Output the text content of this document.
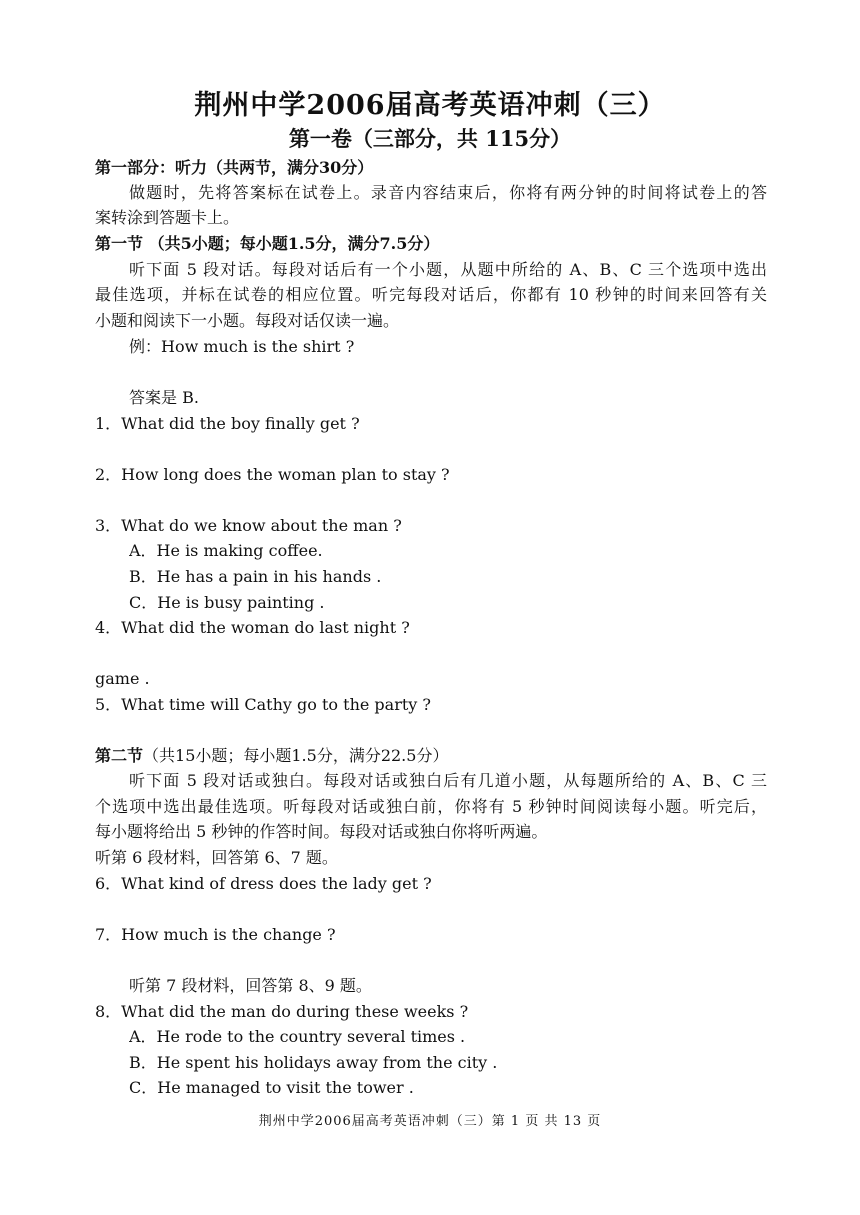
荆州中学2006届高考英语冲刺（三）
第一卷（三部分，共 115分）
第一部分：听力（共两节，满分30分）
做题时，先将答案标在试卷上。录音内容结束后，你将有两分钟的时间将试卷上的答
案转涂到答题卡上。
第一节 （共5小题；每小题1.5分，满分7.5分）
听下面 5 段对话。每段对话后有一个小题，从题中所给的 A、B、C 三个选项中选出
最佳选项，并标在试卷的相应位置。听完每段对话后，你都有 10 秒钟的时间来回答有关
小题和阅读下一小题。每段对话仅读一遍。
例：How much is the shirt ?
答案是 B.
1．What did the boy finally get ?
2．How long does the woman plan to stay ?
3．What do we know about the man ?
A．He is making coffee.
B．He has a pain in his hands .
C．He is busy painting .
4．What did the woman do last night ?
game .
5．What time will Cathy go to the party ?
第二节（共15小题；每小题1.5分，满分22.5分）
听下面 5 段对话或独白。每段对话或独白后有几道小题，从每题所给的 A、B、C 三
个选项中选出最佳选项。听每段对话或独白前，你将有 5 秒钟时间阅读每小题。听完后，
每小题将给出 5 秒钟的作答时间。每段对话或独白你将听两遍。
听第 6 段材料，回答第 6、7 题。
6．What kind of dress does the lady get ?
7．How much is the change ?
听第 7 段材料，回答第 8、9 题。
8．What did the man do during these weeks ?
A．He rode to the country several times .
B．He spent his holidays away from the city .
C．He managed to visit the tower .
荆州中学2006届高考英语冲刺（三）第 1 页 共 13 页
